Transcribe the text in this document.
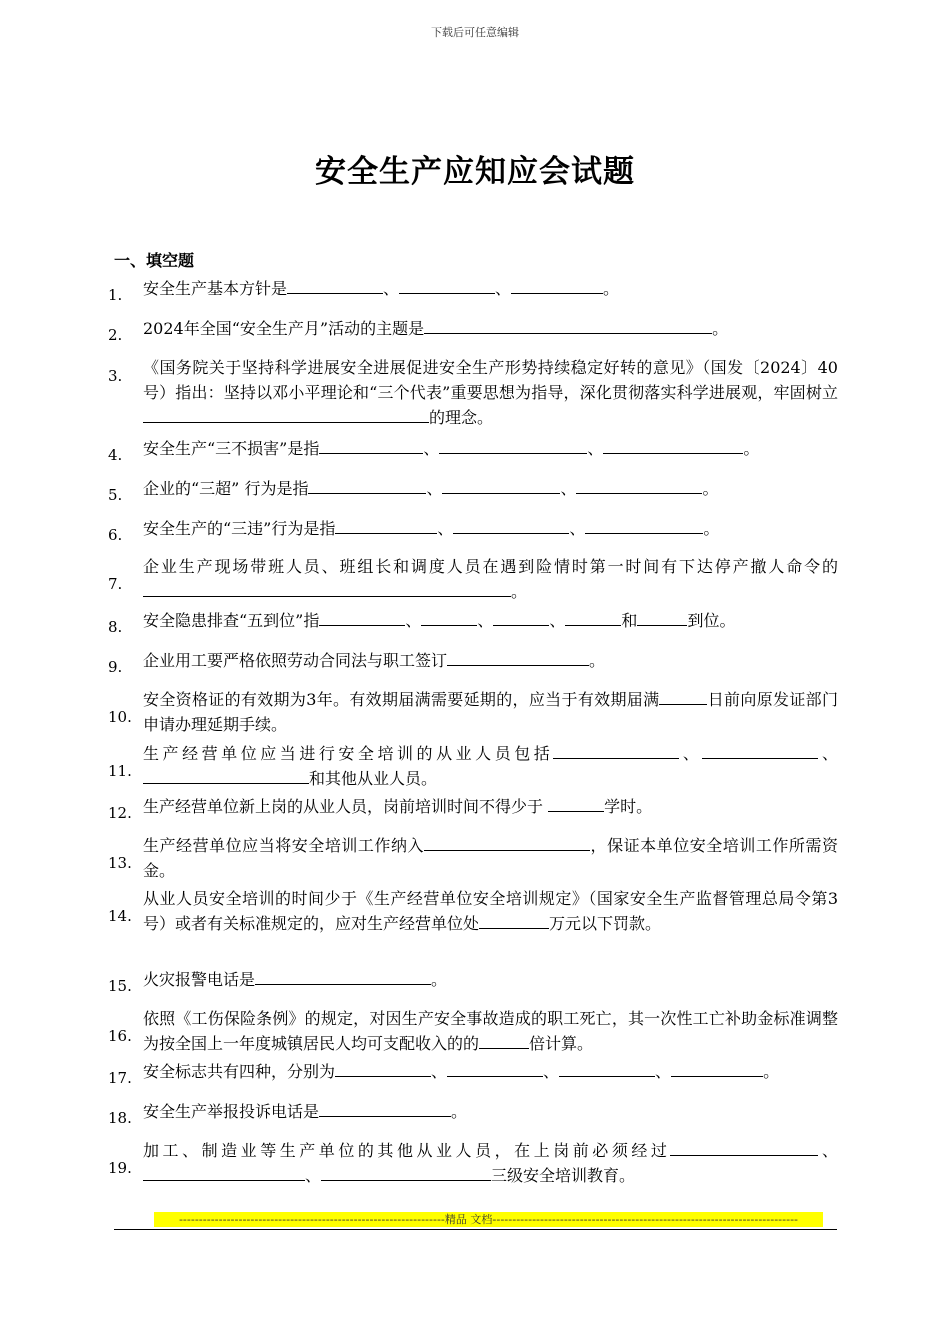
下载后可任意编辑
安全生产应知应会试题
一、填空题
1.	安全生产基本方针是	、	、	。
2.	2024年全国“安全生产月”活动的主题是	。
3.	《国务院关于坚持科学进展安全进展促进安全生产形势持续稳定好转的意见》（国发〔2024〕40号）指出：坚持以邓小平理论和“三个代表”重要思想为指导，深化贯彻落实科学进展观，牢固树立的理念。
4.	安全生产“三不损害”是指	、	、	。
5.	企业的“三超” 行为是指	、	、	。
6.	安全生产的“三违”行为是指	、	、	。
7.
企业生产现场带班人员、班组长和调度人员在遇到险情时第一时间有下达停产撤人命令的。
8.	安全隐患排查“五到位”指	、	、	、	和	到位。
9.	企业用工要严格依照劳动合同法与职工签订	。
10.
安全资格证的有效期为3年。有效期届满需要延期的，应当于有效期届满	日前向原发证部门申请办理延期手续。
11.
生产经营单位应当进行安全培训的从业人员包括	、	、和其他从业人员。
12. 生产经营单位新上岗的从业人员，岗前培训时间不得少于	学时。
13.
生产经营单位应当将安全培训工作纳入	，保证本单位安全培训工作所需资金。
14.
从业人员安全培训的时间少于《生产经营单位安全培训规定》（国家安全生产监督管理总局令第3号）或者有关标准规定的，应对生产经营单位处	万元以下罚款。
15. 火灾报警电话是	。
16.
依照《工伤保险条例》的规定，对因生产安全事故造成的职工死亡，其一次性工亡补助金标准调整为按全国上一年度城镇居民人均可支配收入的的	倍计算。
17. 安全标志共有四种，分别为	、	、	、	。
18. 安全生产举报投诉电话是	。
19.
加工、制造业等生产单位的其他从业人员，在上岗前必须经过	、、	三级安全培训教育。
-------------------------------------------------------------------精品 文档-----------------------------------------------------------------------------
